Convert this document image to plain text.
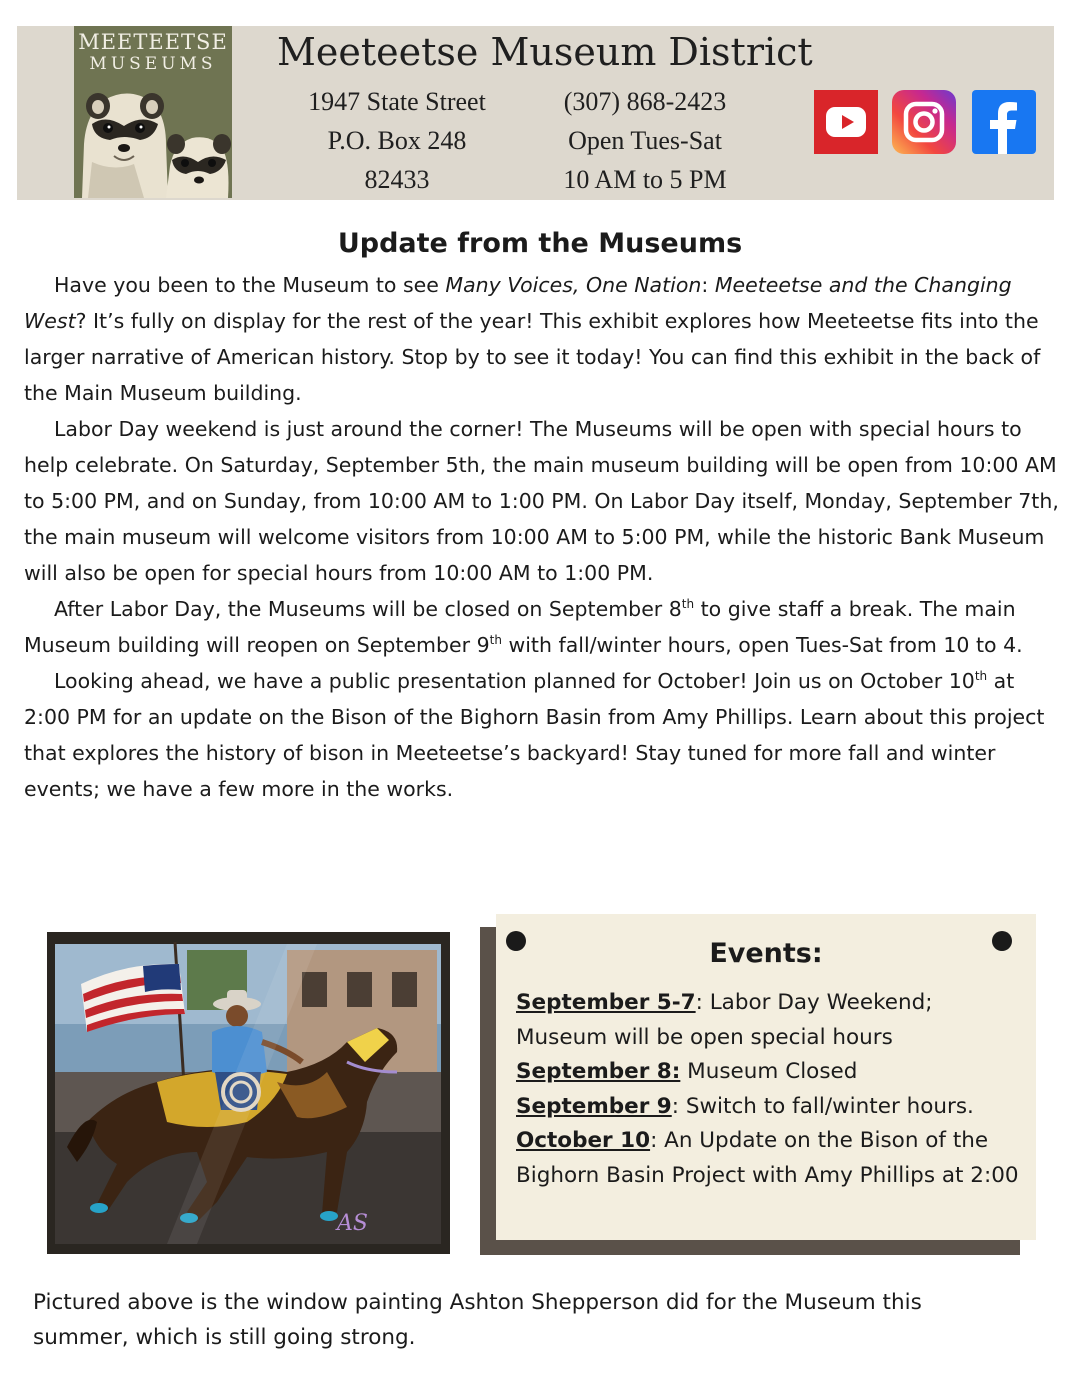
MEETEETSE
MUSEUMS	Meeteetse Museum District
1947 State Street
P.O. Box 248
82433
(307) 868-2423
Open Tues-Sat
10 AM to 5 PM
Update from the Museums

Have you been to the Museum to see Many Voices, One Nation: Meeteetse and the Changing West? It’s fully on display for the rest of the year! This exhibit explores how Meeteetse fits into the larger narrative of American history. Stop by to see it today! You can find this exhibit in the back of the Main Museum building.

Labor Day weekend is just around the corner! The Museums will be open with special hours to help celebrate. On Saturday, September 5th, the main museum building will be open from 10:00 AM to 5:00 PM, and on Sunday, from 10:00 AM to 1:00 PM. On Labor Day itself, Monday, September 7th, the main museum will welcome visitors from 10:00 AM to 5:00 PM, while the historic Bank Museum will also be open for special hours from 10:00 AM to 1:00 PM.

After Labor Day, the Museums will be closed on September 8th to give staff a break. The main Museum building will reopen on September 9th with fall/winter hours, open Tues-Sat from 10 to 4.

Looking ahead, we have a public presentation planned for October! Join us on October 10th at 2:00 PM for an update on the Bison of the Bighorn Basin from Amy Phillips. Learn about this project that explores the history of bison in Meeteetse’s backyard! Stay tuned for more fall and winter events; we have a few more in the works.

AS
Events:
September 5-7: Labor Day Weekend; Museum will be open special hours
September 8: Museum Closed
September 9: Switch to fall/winter hours.
October 10: An Update on the Bison of the Bighorn Basin Project with Amy Phillips at 2:00

Pictured above is the window painting Ashton Shepperson did for the Museum this summer, which is still going strong.
